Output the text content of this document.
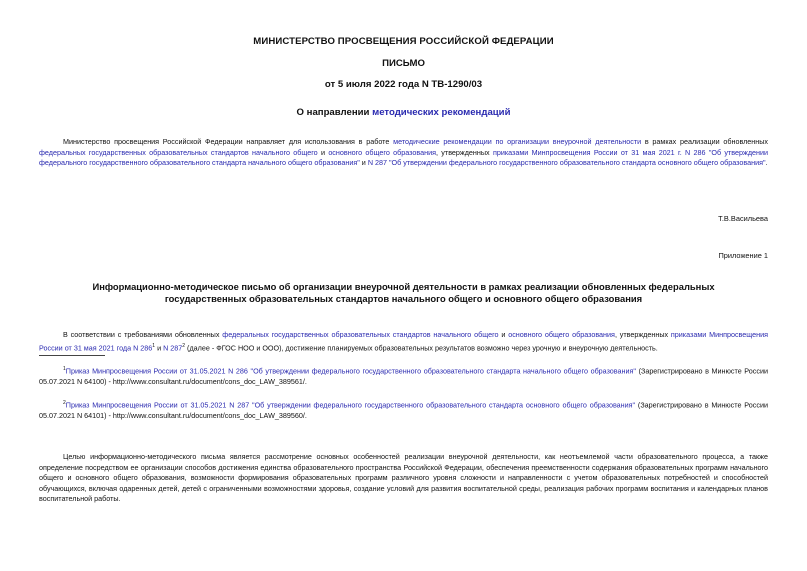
МИНИСТЕРСТВО ПРОСВЕЩЕНИЯ РОССИЙСКОЙ ФЕДЕРАЦИИ
ПИСЬМО
от 5 июля 2022 года N ТВ-1290/03
О направлении методических рекомендаций
Министерство просвещения Российской Федерации направляет для использования в работе методические рекомендации по организации внеурочной деятельности в рамках реализации обновленных федеральных государственных образовательных стандартов начального общего и основного общего образования, утвержденных приказами Минпросвещения России от 31 мая 2021 г. N 286 "Об утверждении федерального государственного образовательного стандарта начального общего образования" и N 287 "Об утверждении федерального государственного образовательного стандарта основного общего образования".
Т.В.Васильева
Приложение 1
Информационно-методическое письмо об организации внеурочной деятельности в рамках реализации обновленных федеральных государственных образовательных стандартов начального общего и основного общего образования
В соответствии с требованиями обновленных федеральных государственных образовательных стандартов начального общего и основного общего образования, утвержденных приказами Минпросвещения России от 31 мая 2021 года N 286$^1$ и N 287$^2$ (далее - ФГОС НОО и ООО), достижение планируемых образовательных результатов возможно через урочную и внеурочную деятельность.
$^1$Приказ Минпросвещения России от 31.05.2021 N 286 "Об утверждении федерального государственного образовательного стандарта начального общего образования" (Зарегистрировано в Минюсте России 05.07.2021 N 64100) - http://www.consultant.ru/document/cons_doc_LAW_389561/.
$^2$Приказ Минпросвещения России от 31.05.2021 N 287 "Об утверждении федерального государственного образовательного стандарта основного общего образования" (Зарегистрировано в Минюсте России 05.07.2021 N 64101) - http://www.consultant.ru/document/cons_doc_LAW_389560/.
Целью информационно-методического письма является рассмотрение основных особенностей реализации внеурочной деятельности, как неотъемлемой части образовательного процесса, а также определение посредством ее организации способов достижения единства образовательного пространства Российской Федерации, обеспечения преемственности содержания образовательных программ начального общего и основного общего образования, возможности формирования образовательных программ различного уровня сложности и направленности с учетом образовательных потребностей и способностей обучающихся, включая одаренных детей, детей с ограниченными возможностями здоровья, создание условий для развития воспитательной среды, реализация рабочих программ воспитания и календарных планов воспитательной работы.
